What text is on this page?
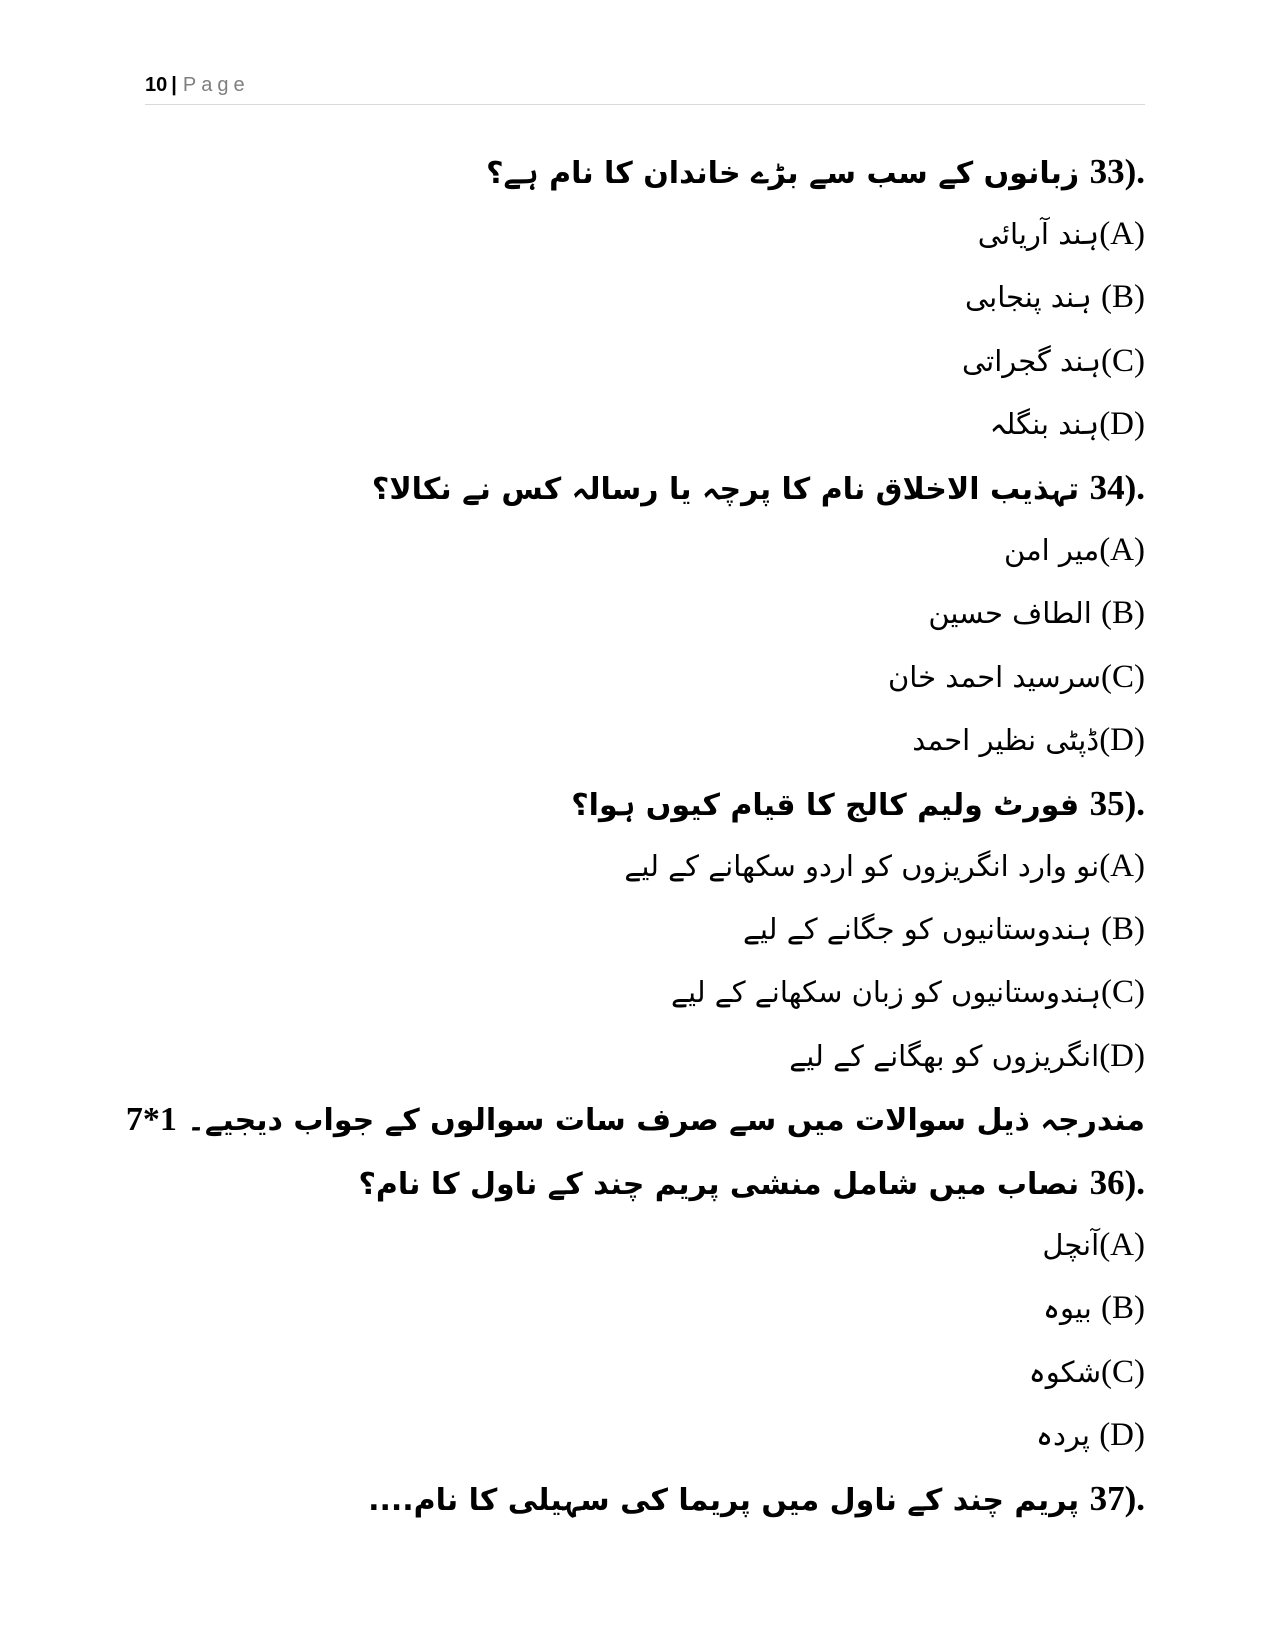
10 | Page
33). زبانوں کے سب سے بڑے خاندان کا نام ہے؟
(A)ہند آریائی
(B) ہند پنجابی
(C)ہند گجراتی
(D)ہند بنگلہ
34). تہذیب الاخلاق نام کا پرچہ یا رسالہ کس نے نکالا؟
(A)میر امن
(B) الطاف حسین
(C)سرسید احمد خان
(D)ڈپٹی نظیر احمد
35). فورٹ ولیم کالج کا قیام کیوں ہوا؟
(A)نو وارد انگریزوں کو اردو سکھانے کے لیے
(B) ہندوستانیوں کو جگانے کے لیے
(C)ہندوستانیوں کو زبان سکھانے کے لیے
(D)انگریزوں کو بھگانے کے لیے
مندرجہ ذیل سوالات میں سے صرف سات سوالوں کے جواب دیجیے۔ 7*1
36). نصاب میں شامل منشی پریم چند کے ناول کا نام؟
(A)آنچل
(B) بیوہ
(C)شکوہ
(D) پردہ
37). پریم چند کے ناول میں پریما کی سہیلی کا نام....
